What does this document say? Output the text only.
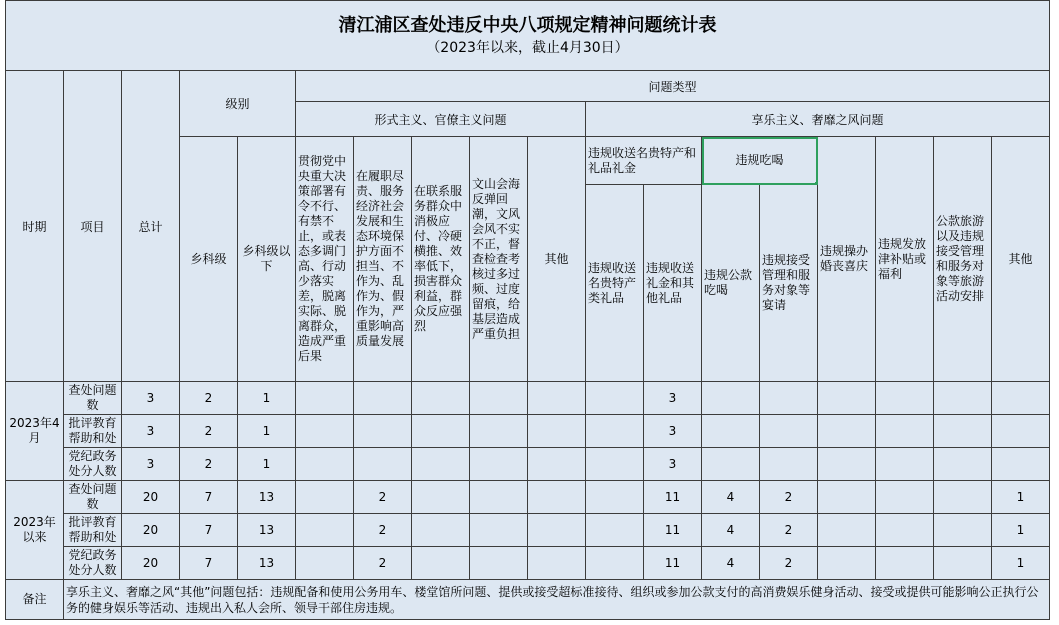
清江浦区查处违反中央八项规定精神问题统计表
（2023年以来，截止4月30日）																	

时期	项目	总计	级别		问题类型												
					形式主义、官僚主义问题					享乐主义、奢靡之风问题							
			乡科级	乡科级以下	贯彻党中央重大决策部署有令不行、有禁不止，或表态多调门高、行动少落实差，脱离实际、脱离群众，造成严重后果	在履职尽责、服务经济社会发展和生态环境保护方面不担当、不作为、乱作为、假作为，严重影响高质量发展	在联系服务群众中消极应付、冷硬横推、效率低下，损害群众利益，群众反应强烈	文山会海反弹回潮，文风会风不实不正，督查检查考核过多过频、过度留痕，给基层造成严重负担	其他	违规收送名贵特产和礼品礼金		违规吃喝		违规操办婚丧喜庆	违规发放津补贴或福利	公款旅游以及违规接受管理和服务对象等旅游活动安排	其他
										违规收送名贵特产类礼品	违规收送礼金和其他礼品	违规公款吃喝	违规接受管理和服务对象等宴请				
2023年4月	查处问题数	3	2	1							3						
	批评教育帮助和处	3	2	1							3						
	党纪政务处分人数	3	2	1							3						
2023年以来	查处问题数	20	7	13		2					11	4	2				1
	批评教育帮助和处	20	7	13		2					11	4	2				1
	党纪政务处分人数	20	7	13		2					11	4	2				1
备注	享乐主义、奢靡之风“其他”问题包括：违规配备和使用公务用车、楼堂馆所问题、提供或接受超标准接待、组织或参加公款支付的高消费娱乐健身活动、接受或提供可能影响公正执行公务的健身娱乐等活动、违规出入私人会所、领导干部住房违规。																
